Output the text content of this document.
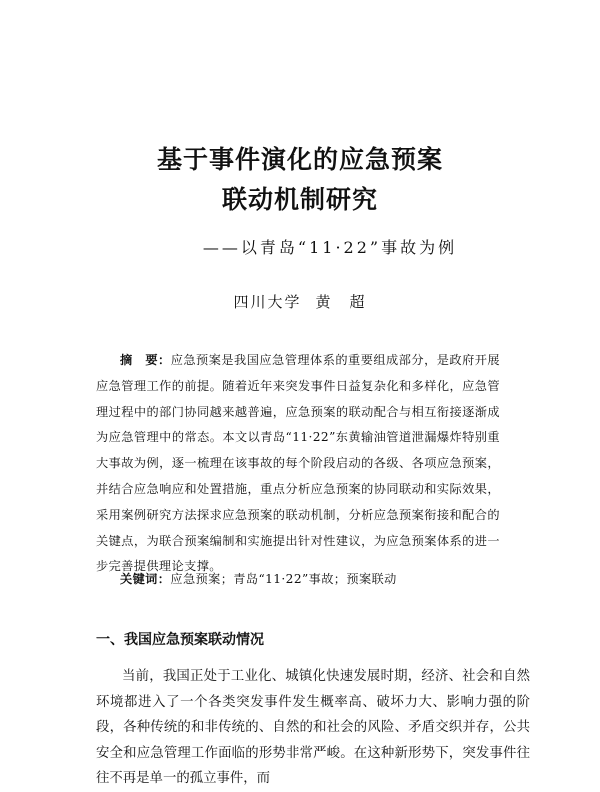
基于事件演化的应急预案
联动机制研究
——以青岛“11·22”事故为例
四川大学 黄　超
摘　要：应急预案是我国应急管理体系的重要组成部分，是政府开展应急管理工作的前提。随着近年来突发事件日益复杂化和多样化，应急管理过程中的部门协同越来越普遍，应急预案的联动配合与相互衔接逐渐成为应急管理中的常态。本文以青岛“11·22”东黄输油管道泄漏爆炸特别重大事故为例，逐一梳理在该事故的每个阶段启动的各级、各项应急预案，并结合应急响应和处置措施，重点分析应急预案的协同联动和实际效果，采用案例研究方法探求应急预案的联动机制，分析应急预案衔接和配合的关键点，为联合预案编制和实施提出针对性建议，为应急预案体系的进一步完善提供理论支撑。
关键词：应急预案；青岛“11·22”事故；预案联动
一、我国应急预案联动情况
当前，我国正处于工业化、城镇化快速发展时期，经济、社会和自然环境都进入了一个各类突发事件发生概率高、破坏力大、影响力强的阶段，各种传统的和非传统的、自然的和社会的风险、矛盾交织并存，公共安全和应急管理工作面临的形势非常严峻。在这种新形势下，突发事件往往不再是单一的孤立事件，而
